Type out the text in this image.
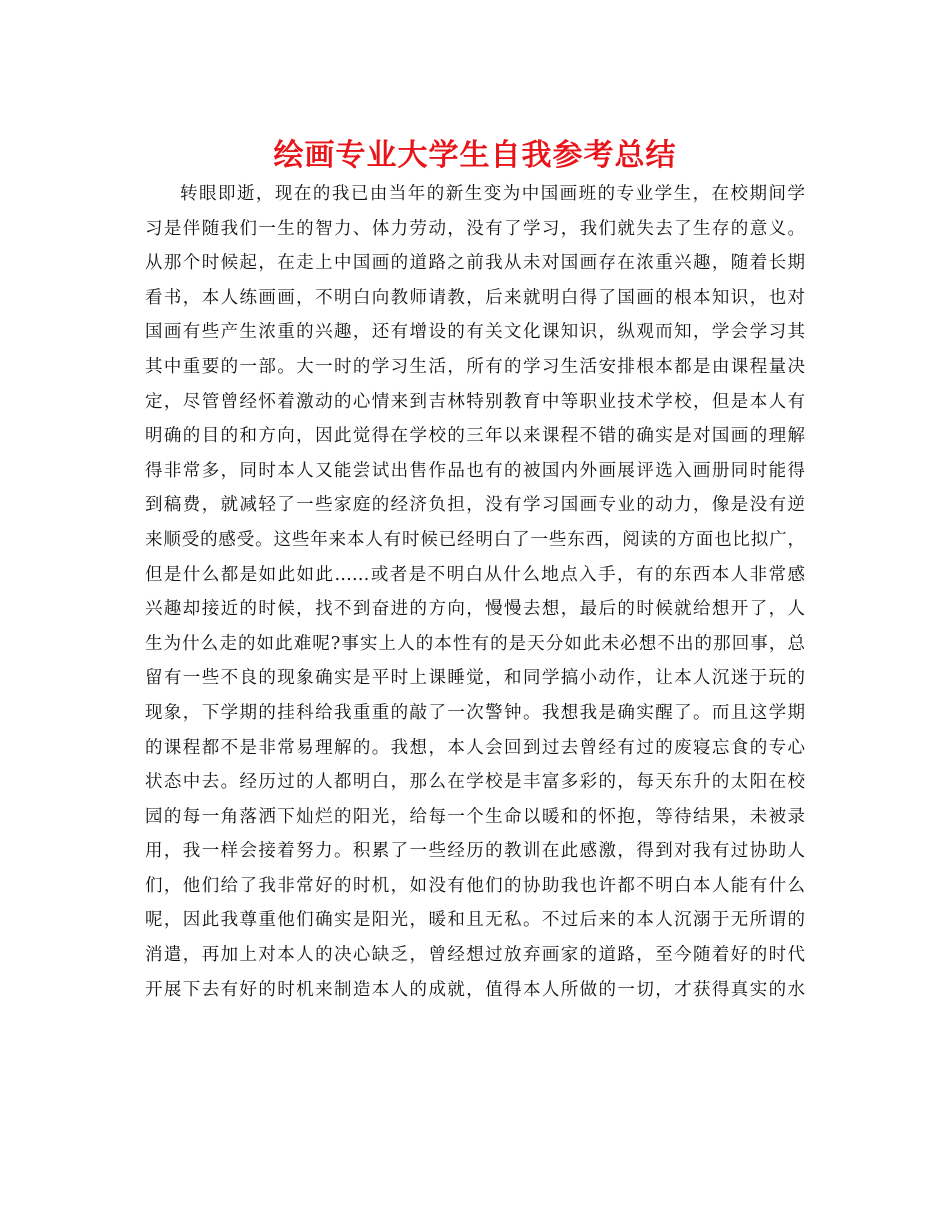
绘画专业大学生自我参考总结
转眼即逝，现在的我已由当年的新生变为中国画班的专业学生，在校期间学
习是伴随我们一生的智力、体力劳动，没有了学习，我们就失去了生存的意义。
从那个时候起，在走上中国画的道路之前我从未对国画存在浓重兴趣，随着长期
看书，本人练画画，不明白向教师请教，后来就明白得了国画的根本知识，也对
国画有些产生浓重的兴趣，还有增设的有关文化课知识，纵观而知，学会学习其
其中重要的一部。大一时的学习生活，所有的学习生活安排根本都是由课程量决
定，尽管曾经怀着激动的心情来到吉林特别教育中等职业技术学校，但是本人有
明确的目的和方向，因此觉得在学校的三年以来课程不错的确实是对国画的理解
得非常多，同时本人又能尝试出售作品也有的被国内外画展评选入画册同时能得
到稿费，就减轻了一些家庭的经济负担，没有学习国画专业的动力，像是没有逆
来顺受的感受。这些年来本人有时候已经明白了一些东西，阅读的方面也比拟广，
但是什么都是如此如此……或者是不明白从什么地点入手，有的东西本人非常感
兴趣却接近的时候，找不到奋进的方向，慢慢去想，最后的时候就给想开了，人
生为什么走的如此难呢?事实上人的本性有的是天分如此未必想不出的那回事，总
留有一些不良的现象确实是平时上课睡觉，和同学搞小动作，让本人沉迷于玩的
现象，下学期的挂科给我重重的敲了一次警钟。我想我是确实醒了。而且这学期
的课程都不是非常易理解的。我想，本人会回到过去曾经有过的废寝忘食的专心
状态中去。经历过的人都明白，那么在学校是丰富多彩的，每天东升的太阳在校
园的每一角落洒下灿烂的阳光，给每一个生命以暖和的怀抱，等待结果，未被录
用，我一样会接着努力。积累了一些经历的教训在此感激，得到对我有过协助人
们，他们给了我非常好的时机，如没有他们的协助我也许都不明白本人能有什么
呢，因此我尊重他们确实是阳光，暖和且无私。不过后来的本人沉溺于无所谓的
消遣，再加上对本人的决心缺乏，曾经想过放弃画家的道路，至今随着好的时代
开展下去有好的时机来制造本人的成就，值得本人所做的一切，才获得真实的水
